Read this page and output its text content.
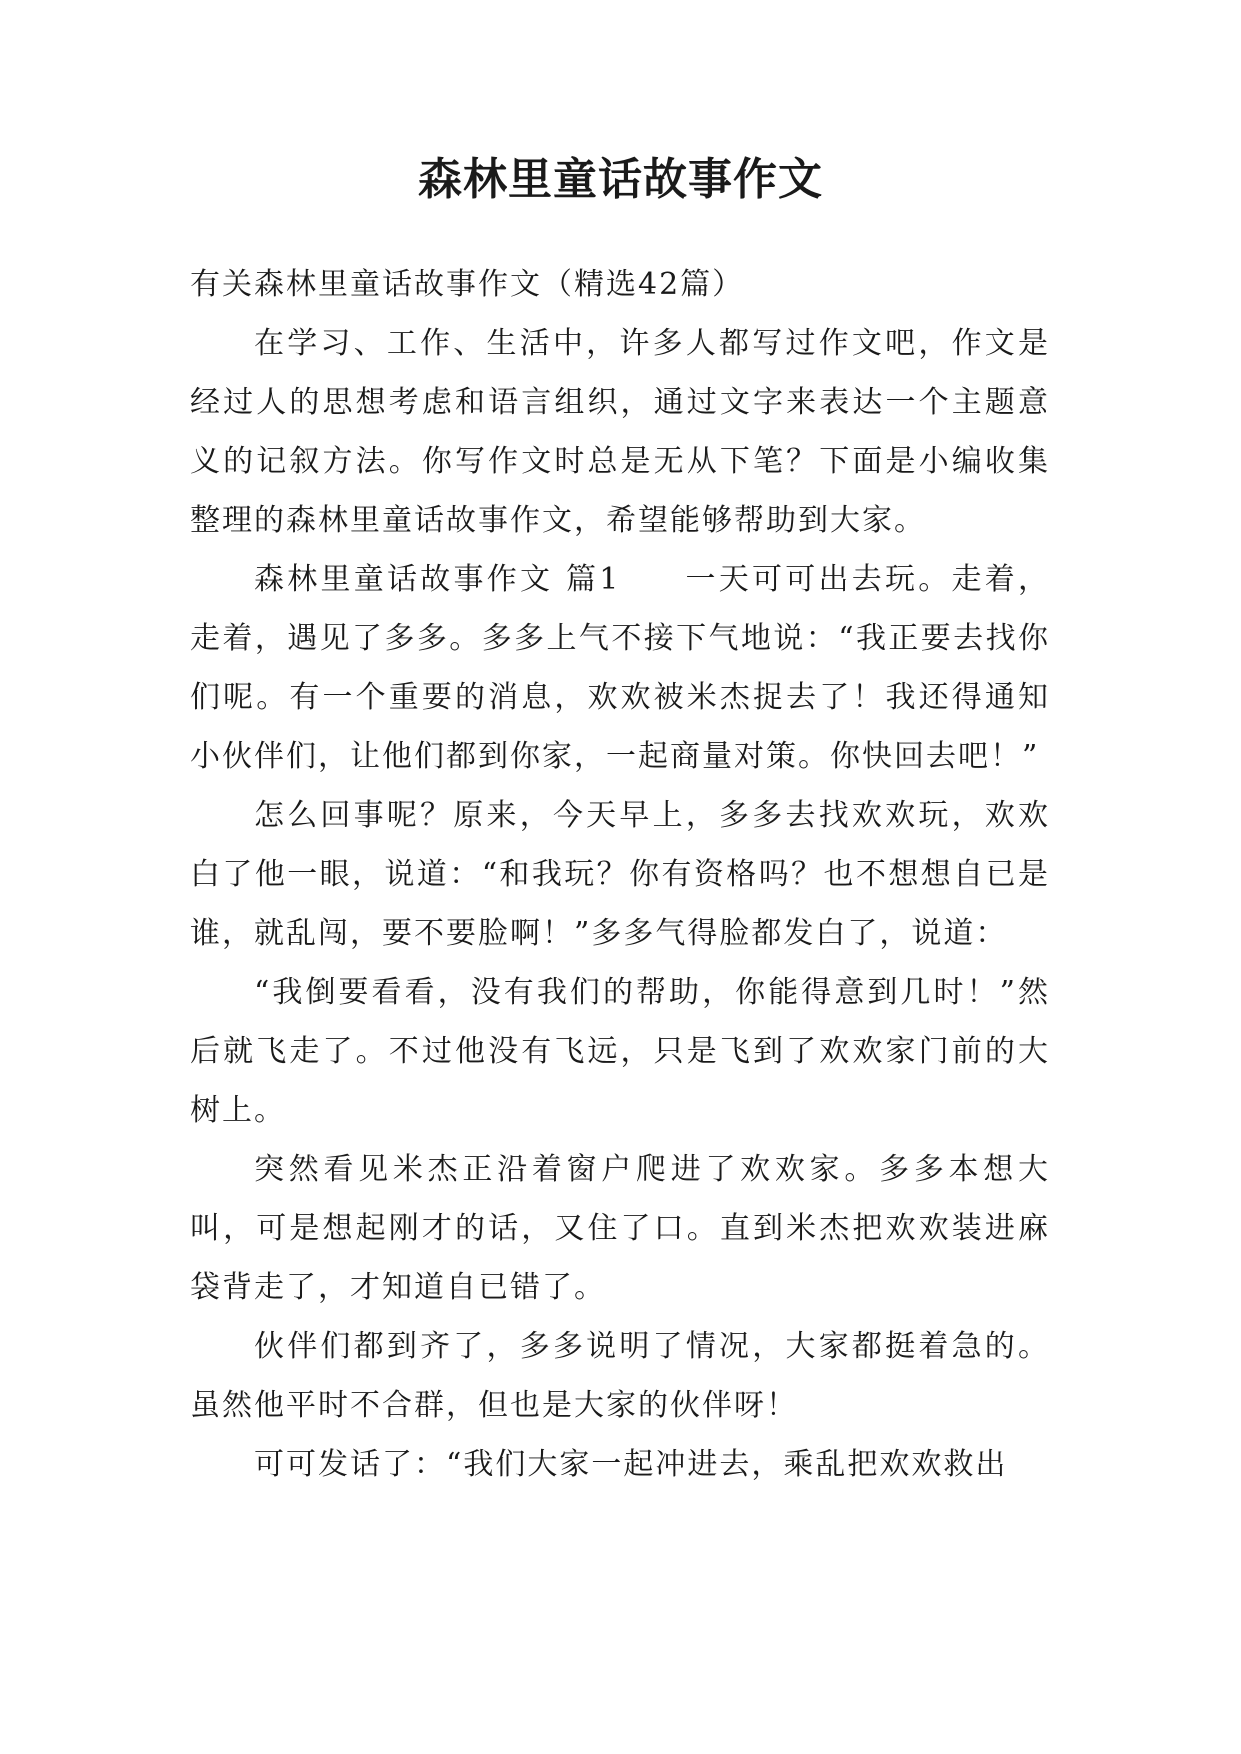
森林里童话故事作文

有关森林里童话故事作文（精选42篇）

在学习、工作、生活中，许多人都写过作文吧，作文是经过人的思想考虑和语言组织，通过文字来表达一个主题意义的记叙方法。你写作文时总是无从下笔？下面是小编收集整理的森林里童话故事作文，希望能够帮助到大家。

森林里童话故事作文 篇1 一天可可出去玩。走着，走着，遇见了多多。多多上气不接下气地说：“我正要去找你们呢。有一个重要的消息，欢欢被米杰捉去了！我还得通知小伙伴们，让他们都到你家，一起商量对策。你快回去吧！”

怎么回事呢？原来，今天早上，多多去找欢欢玩，欢欢白了他一眼，说道：“和我玩？你有资格吗？也不想想自已是谁，就乱闯，要不要脸啊！”多多气得脸都发白了，说道：

“我倒要看看，没有我们的帮助，你能得意到几时！”然后就飞走了。不过他没有飞远，只是飞到了欢欢家门前的大树上。

突然看见米杰正沿着窗户爬进了欢欢家。多多本想大叫，可是想起刚才的话，又住了口。直到米杰把欢欢装进麻袋背走了，才知道自已错了。

伙伴们都到齐了，多多说明了情况，大家都挺着急的。虽然他平时不合群，但也是大家的伙伴呀！

可可发话了：“我们大家一起冲进去，乘乱把欢欢救出
